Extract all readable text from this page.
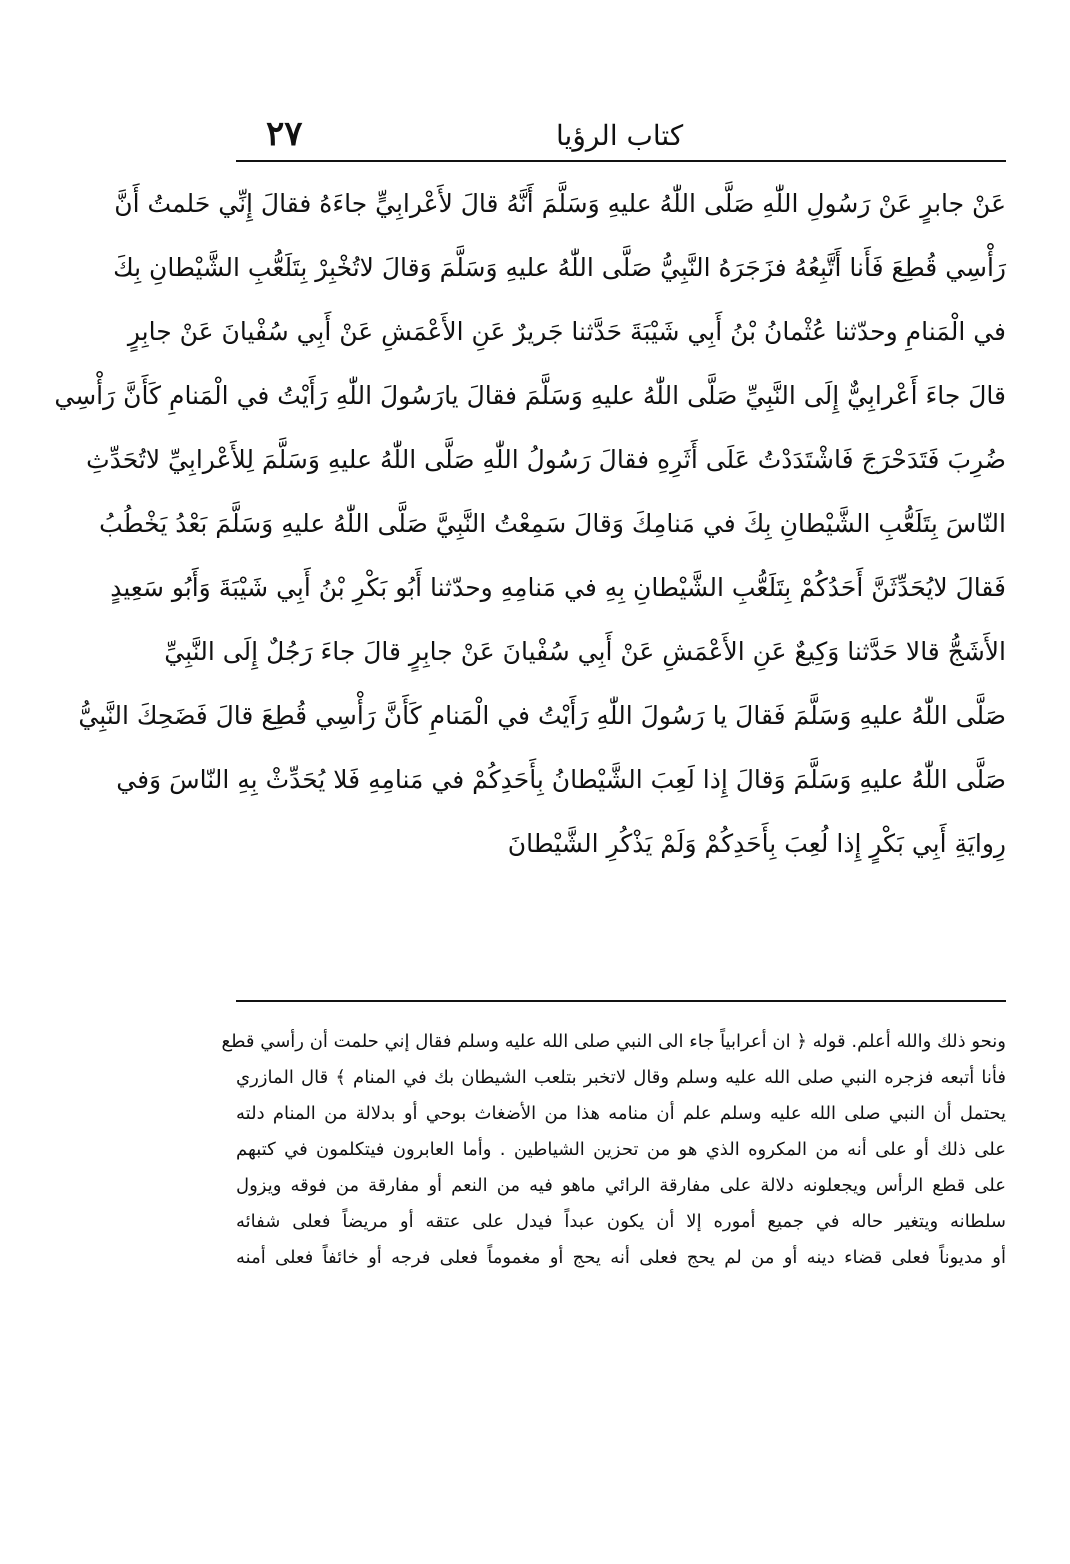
٢٧	كتاب الرؤيا
عَنْ جابرٍ عَنْ رَسُولِ اللّٰهِ صَلَّى اللّٰهُ عليهِ وَسَلَّمَ أَنَّهُ قالَ لأَعْرابِيٍّ جاءَهُ فقالَ إِنِّي حَلمتُ أَنَّ
رَأْسِي قُطِعَ فَأَنا أَتَّبِعُهُ فزَجَرَهُ النَّبِيُّ صَلَّى اللّٰهُ عليهِ وَسَلَّمَ وَقالَ لاتُخْبِرْ بِتَلَعُّبِ الشَّيْطانِ بِكَ
في الْمَنامِ وحدّثنا عُثْمانُ بْنُ أَبِي شَيْبَةَ حَدَّثنا جَريرٌ عَنِ الأَعْمَشِ عَنْ أَبِي سُفْيانَ عَنْ جابِرٍ
قالَ جاءَ أَعْرابِيٌّ إِلَى النَّبِيِّ صَلَّى اللّٰهُ عليهِ وَسَلَّمَ فقالَ يارَسُولَ اللّٰهِ رَأَيْتُ في الْمَنامِ كَأَنَّ رَأْسِي
ضُرِبَ فَتَدَحْرَجَ فَاشْتَدَدْتُ عَلَى أَثَرِهِ فقالَ رَسُولُ اللّٰهِ صَلَّى اللّٰهُ عليهِ وَسَلَّمَ لِلأَعْرابِيِّ لاتُحَدِّثِ
النّاسَ بِتَلَعُّبِ الشَّيْطانِ بِكَ في مَنامِكَ وَقالَ سَمِعْتُ النَّبِيَّ صَلَّى اللّٰهُ عليهِ وَسَلَّمَ بَعْدُ يَخْطُبُ
فَقالَ لايُحَدِّثَنَّ أَحَدُكُمْ بِتَلَعُّبِ الشَّيْطانِ بِهِ في مَنامِهِ وحدّثنا أَبُو بَكْرِ بْنُ أَبِي شَيْبَةَ وَأَبُو سَعِيدٍ
الأَشَجُّ قالا حَدَّثنا وَكِيعٌ عَنِ الأَعْمَشِ عَنْ أَبِي سُفْيانَ عَنْ جابِرٍ قالَ جاءَ رَجُلٌ إِلَى النَّبِيِّ
صَلَّى اللّٰهُ عليهِ وَسَلَّمَ فَقالَ يا رَسُولَ اللّٰهِ رَأَيْتُ في الْمَنامِ كَأَنَّ رَأْسِي قُطِعَ قالَ فَضَحِكَ النَّبِيُّ
صَلَّى اللّٰهُ عليهِ وَسَلَّمَ وَقالَ إِذا لَعِبَ الشَّيْطانُ بِأَحَدِكُمْ في مَنامِهِ فَلا يُحَدِّثْ بِهِ النّاسَ وَفي
رِوايَةِ أَبِي بَكْرٍ إِذا لُعِبَ بِأَحَدِكُمْ وَلَمْ يَذْكُرِ الشَّيْطانَ
ونحو ذلك والله أعلم. قوله ﴿ ان أعرابياً جاء الى النبي صلى الله عليه وسلم فقال إني حلمت أن رأسي قطع
فأنا أتبعه فزجره النبي صلى الله عليه وسلم وقال لاتخبر بتلعب الشيطان بك في المنام ﴾ قال المازري
يحتمل أن النبي صلى الله عليه وسلم علم أن منامه هذا من الأضغاث بوحي أو بدلالة من المنام دلته
على ذلك أو على أنه من المكروه الذي هو من تحزين الشياطين . وأما العابرون فيتكلمون في كتبهم
على قطع الرأس ويجعلونه دلالة على مفارقة الرائي ماهو فيه من النعم أو مفارقة من فوقه ويزول
سلطانه ويتغير حاله في جميع أموره إلا أن يكون عبداً فيدل على عتقه أو مريضاً فعلى شفائه
أو مديوناً فعلى قضاء دينه أو من لم يحج فعلى أنه يحج أو مغموماً فعلى فرجه أو خائفاً فعلى أمنه
